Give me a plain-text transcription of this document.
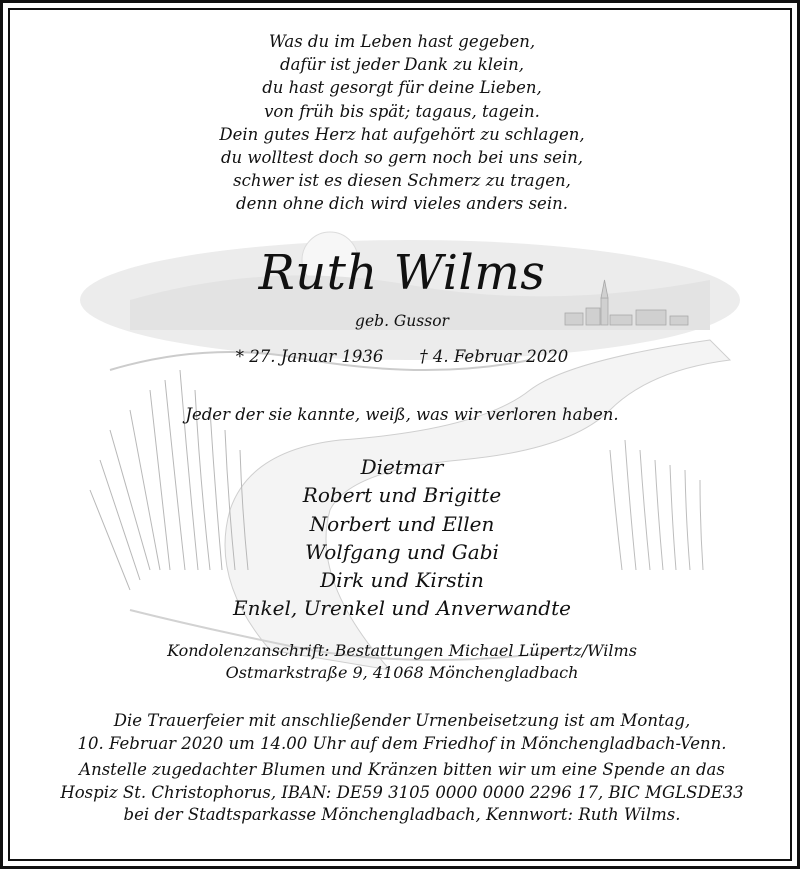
Was du im Leben hast gegeben,
dafür ist jeder Dank zu klein,
du hast gesorgt für deine Lieben,
von früh bis spät; tagaus, tagein.
Dein gutes Herz hat aufgehört zu schlagen,
du wolltest doch so gern noch bei uns sein,
schwer ist es diesen Schmerz zu tragen,
denn ohne dich wird vieles anders sein.
Ruth Wilms
geb. Gussor
* 27. Januar 1936 † 4. Februar 2020
Jeder der sie kannte, weiß, was wir verloren haben.
Dietmar
Robert und Brigitte
Norbert und Ellen
Wolfgang und Gabi
Dirk und Kirstin
Enkel, Urenkel und Anverwandte
Kondolenzanschrift: Bestattungen Michael Lüpertz/Wilms
Ostmarkstraße 9, 41068 Mönchengladbach
Die Trauerfeier mit anschließender Urnenbeisetzung ist am Montag,
10. Februar 2020 um 14.00 Uhr auf dem Friedhof in Mönchengladbach-Venn.
Anstelle zugedachter Blumen und Kränzen bitten wir um eine Spende an das
Hospiz St. Christophorus, IBAN: DE59 3105 0000 0000 2296 17, BIC MGLSDE33
bei der Stadtsparkasse Mönchengladbach, Kennwort: Ruth Wilms.
